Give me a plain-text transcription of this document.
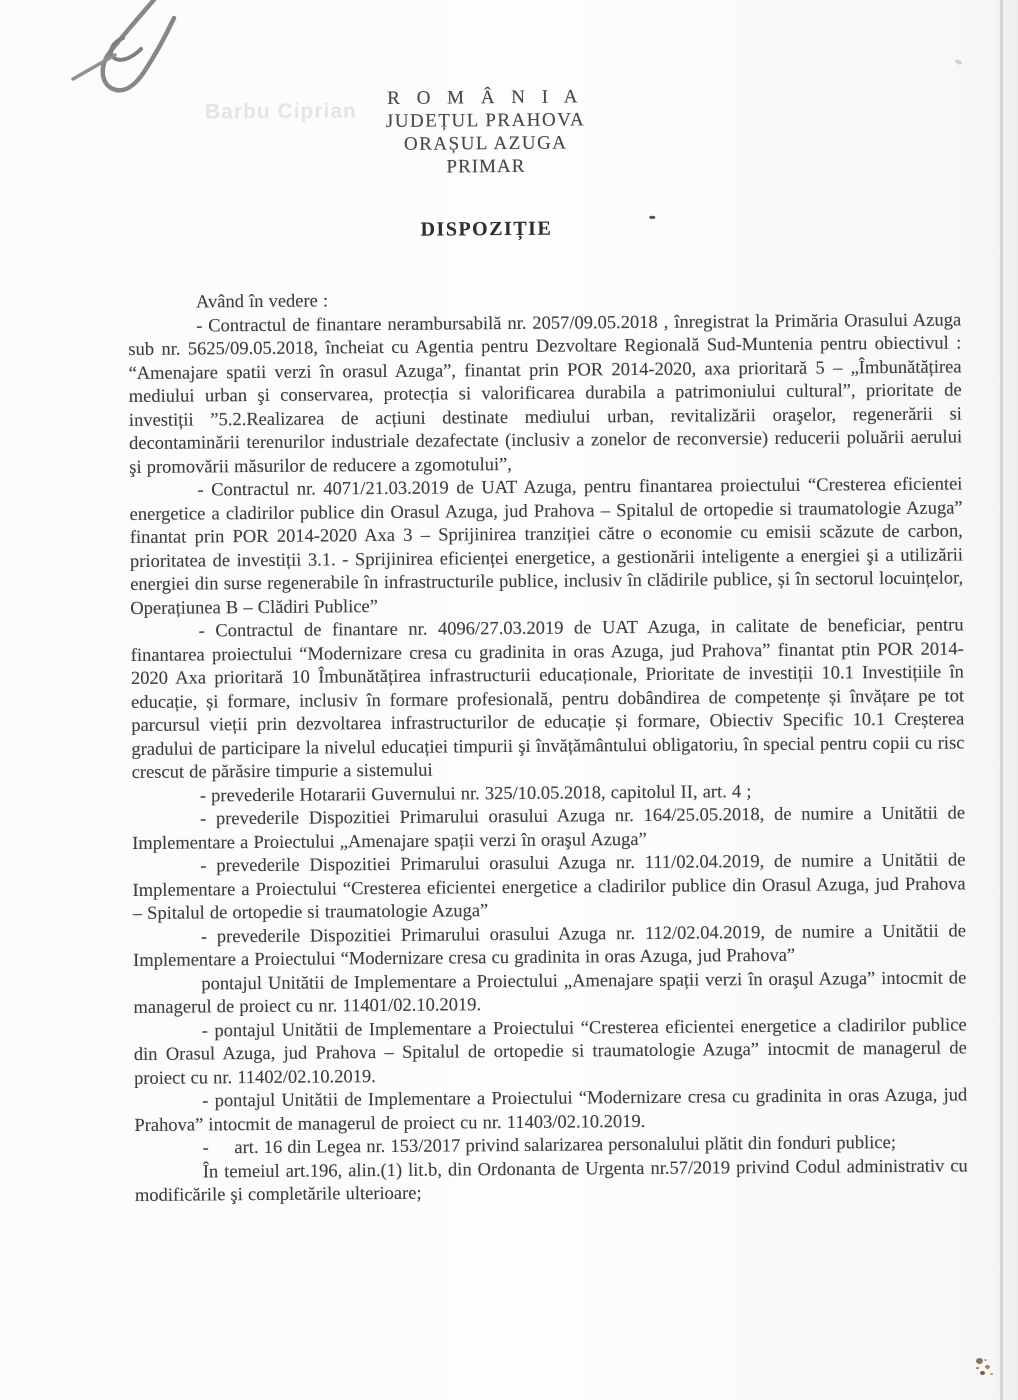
Barbu Ciprian
R O M Â N I A
JUDEȚUL PRAHOVA
ORAȘUL AZUGA
PRIMAR
DISPOZIȚIE

Având în vedere :

- Contractul de finantare nerambursabilă nr. 2057/09.05.2018 , înregistrat la Primăria Orasului Azuga sub nr. 5625/09.05.2018, încheiat cu Agentia pentru Dezvoltare Regională Sud-Muntenia pentru obiectivul : “Amenajare spatii verzi în orasul Azuga”, finantat prin POR 2014-2020, axa prioritară 5 – „Îmbunătățirea mediului urban şi conservarea, protecția si valorificarea durabila a patrimoniului cultural”, prioritate de investiții ”5.2.Realizarea de acțiuni destinate mediului urban, revitalizării oraşelor, regenerării si decontaminării terenurilor industriale dezafectate (inclusiv a zonelor de reconversie) reducerii poluării aerului şi promovării măsurilor de reducere a zgomotului”,

- Contractul nr. 4071/21.03.2019 de UAT Azuga, pentru finantarea proiectului “Cresterea eficientei energetice a cladirilor publice din Orasul Azuga, jud Prahova – Spitalul de ortopedie si traumatologie Azuga” finantat prin POR 2014-2020 Axa 3 – Sprijinirea tranziției către o economie cu emisii scăzute de carbon, prioritatea de investiții 3.1. - Sprijinirea eficienței energetice, a gestionării inteligente a energiei şi a utilizării energiei din surse regenerabile în infrastructurile publice, inclusiv în clădirile publice, și în sectorul locuințelor, Operațiunea B – Clădiri Publice”

- Contractul de finantare nr. 4096/27.03.2019 de UAT Azuga, in calitate de beneficiar, pentru finantarea proiectului “Modernizare cresa cu gradinita in oras Azuga, jud Prahova” finantat ptin POR 2014-2020 Axa prioritară 10 Îmbunătățirea infrastructurii educaționale, Prioritate de investiții 10.1 Investițiile în educație, și formare, inclusiv în formare profesională, pentru dobândirea de competențe și învățare pe tot parcursul vieții prin dezvoltarea infrastructurilor de educație și formare, Obiectiv Specific 10.1 Creșterea gradului de participare la nivelul educației timpurii şi învățământului obligatoriu, în special pentru copii cu risc crescut de părăsire timpurie a sistemului

- prevederile Hotararii Guvernului nr. 325/10.05.2018, capitolul II, art. 4 ;

- prevederile Dispozitiei Primarului orasului Azuga nr. 164/25.05.2018, de numire a Unitătii de Implementare a Proiectului „Amenajare spații verzi în oraşul Azuga”

- prevederile Dispozitiei Primarului orasului Azuga nr. 111/02.04.2019, de numire a Unitătii de Implementare a Proiectului “Cresterea eficientei energetice a cladirilor publice din Orasul Azuga, jud Prahova – Spitalul de ortopedie si traumatologie Azuga”

- prevederile Dispozitiei Primarului orasului Azuga nr. 112/02.04.2019, de numire a Unitătii de Implementare a Proiectului “Modernizare cresa cu gradinita in oras Azuga, jud Prahova”

pontajul Unitătii de Implementare a Proiectului „Amenajare spații verzi în oraşul Azuga” intocmit de managerul de proiect cu nr. 11401/02.10.2019.

- pontajul Unitătii de Implementare a Proiectului “Cresterea eficientei energetice a cladirilor publice din Orasul Azuga, jud Prahova – Spitalul de ortopedie si traumatologie Azuga” intocmit de managerul de proiect cu nr. 11402/02.10.2019.

- pontajul Unitătii de Implementare a Proiectului “Modernizare cresa cu gradinita in oras Azuga, jud Prahova” intocmit de managerul de proiect cu nr. 11403/02.10.2019.

-     art. 16 din Legea nr. 153/2017 privind salarizarea personalului plătit din fonduri publice;

În temeiul art.196, alin.(1) lit.b, din Ordonanta de Urgenta nr.57/2019 privind Codul administrativ cu modificările şi completările ulterioare;
